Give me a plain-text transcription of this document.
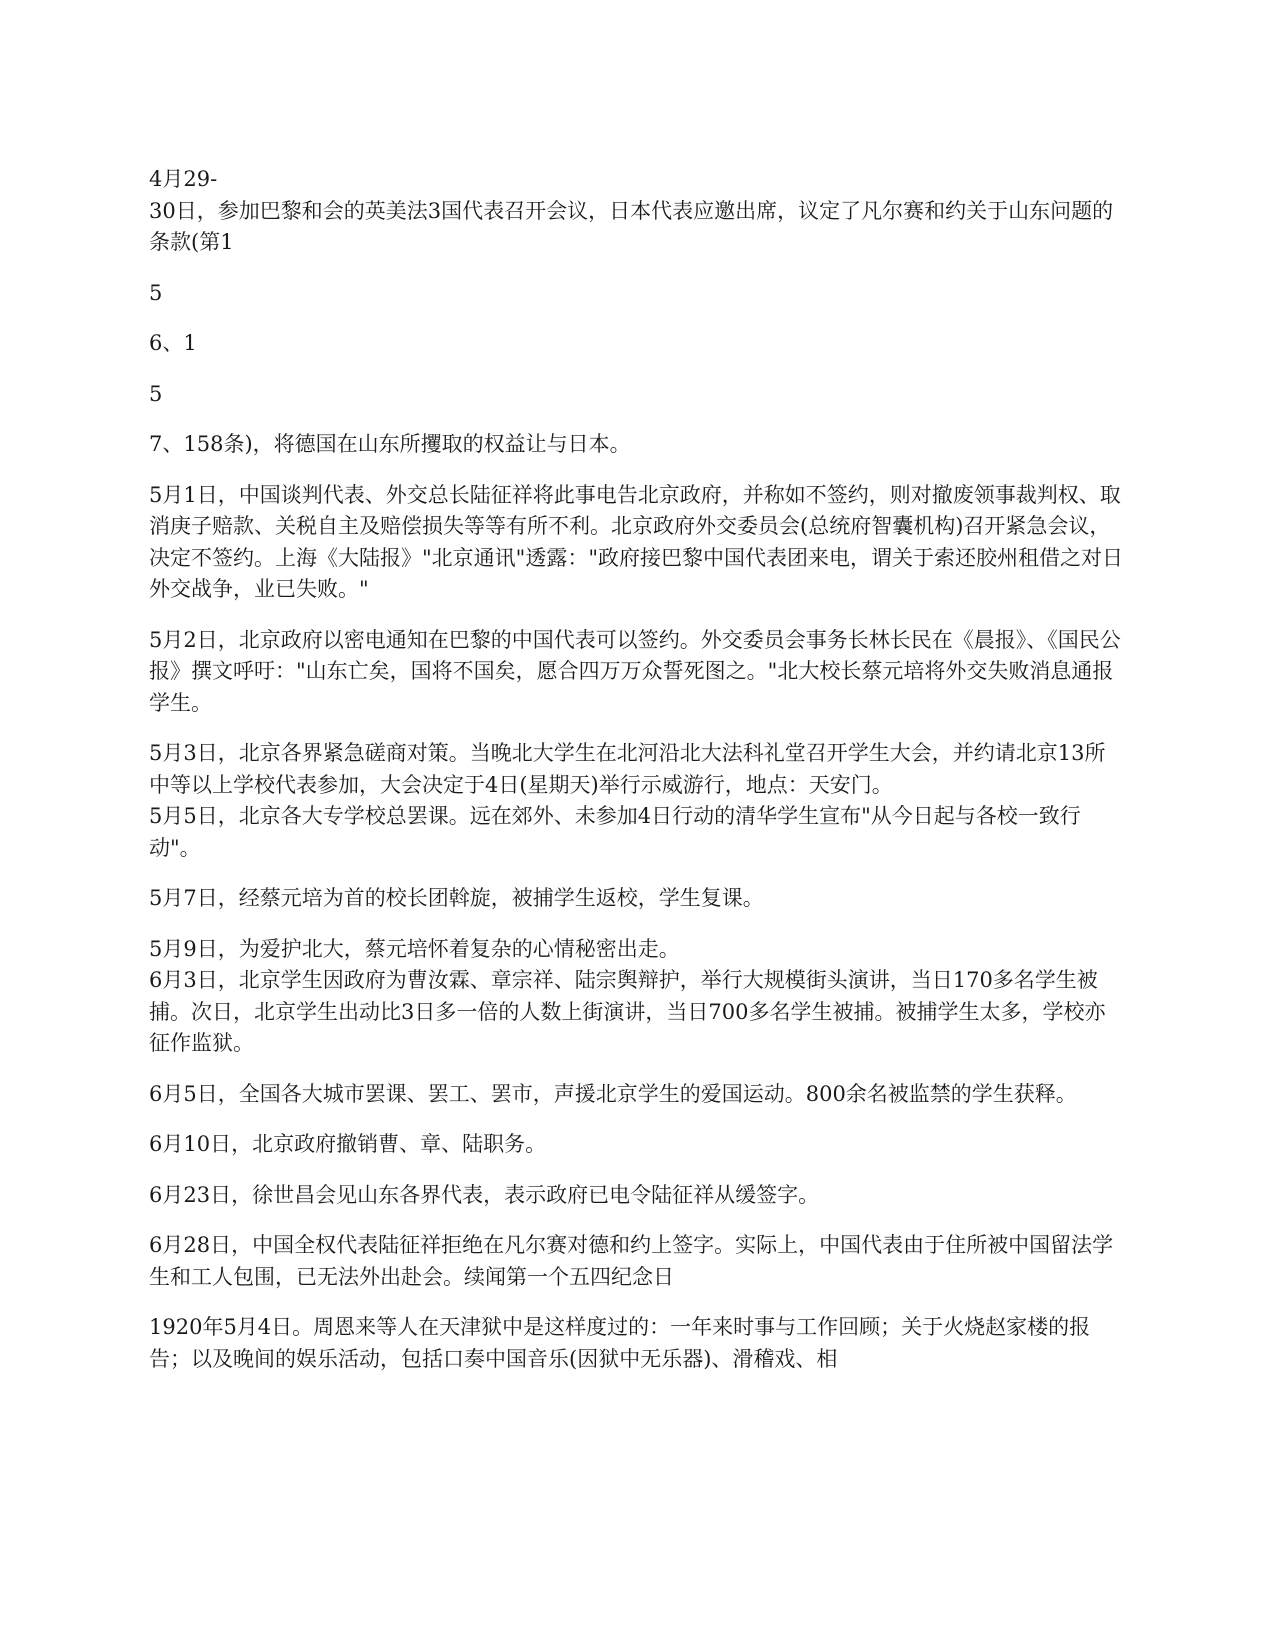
4月29-
30日，参加巴黎和会的英美法3国代表召开会议，日本代表应邀出席，议定了凡尔赛和约关于山东问题的条款(第1

5

6、1

5

7、158条)，将德国在山东所攫取的权益让与日本。

5月1日，中国谈判代表、外交总长陆征祥将此事电告北京政府，并称如不签约，则对撤废领事裁判权、取消庚子赔款、关税自主及赔偿损失等等有所不利。北京政府外交委员会(总统府智囊机构)召开紧急会议，决定不签约。上海《大陆报》"北京通讯"透露："政府接巴黎中国代表团来电，谓关于索还胶州租借之对日外交战争，业已失败。"

5月2日，北京政府以密电通知在巴黎的中国代表可以签约。外交委员会事务长林长民在《晨报》、《国民公报》撰文呼吁："山东亡矣，国将不国矣，愿合四万万众誓死图之。"北大校长蔡元培将外交失败消息通报学生。

5月3日，北京各界紧急磋商对策。当晚北大学生在北河沿北大法科礼堂召开学生大会，并约请北京13所中等以上学校代表参加，大会决定于4日(星期天)举行示威游行，地点：天安门。

5月5日，北京各大专学校总罢课。远在郊外、未参加4日行动的清华学生宣布"从今日起与各校一致行动"。

5月7日，经蔡元培为首的校长团斡旋，被捕学生返校，学生复课。

5月9日，为爱护北大，蔡元培怀着复杂的心情秘密出走。

6月3日，北京学生因政府为曹汝霖、章宗祥、陆宗舆辩护，举行大规模街头演讲，当日170多名学生被捕。次日，北京学生出动比3日多一倍的人数上街演讲，当日700多名学生被捕。被捕学生太多，学校亦征作监狱。

6月5日，全国各大城市罢课、罢工、罢市，声援北京学生的爱国运动。800余名被监禁的学生获释。

6月10日，北京政府撤销曹、章、陆职务。

6月23日，徐世昌会见山东各界代表，表示政府已电令陆征祥从缓签字。

6月28日，中国全权代表陆征祥拒绝在凡尔赛对德和约上签字。实际上，中国代表由于住所被中国留法学生和工人包围，已无法外出赴会。续闻第一个五四纪念日

1920年5月4日。周恩来等人在天津狱中是这样度过的：一年来时事与工作回顾；关于火烧赵家楼的报告；以及晚间的娱乐活动，包括口奏中国音乐(因狱中无乐器)、滑稽戏、相
